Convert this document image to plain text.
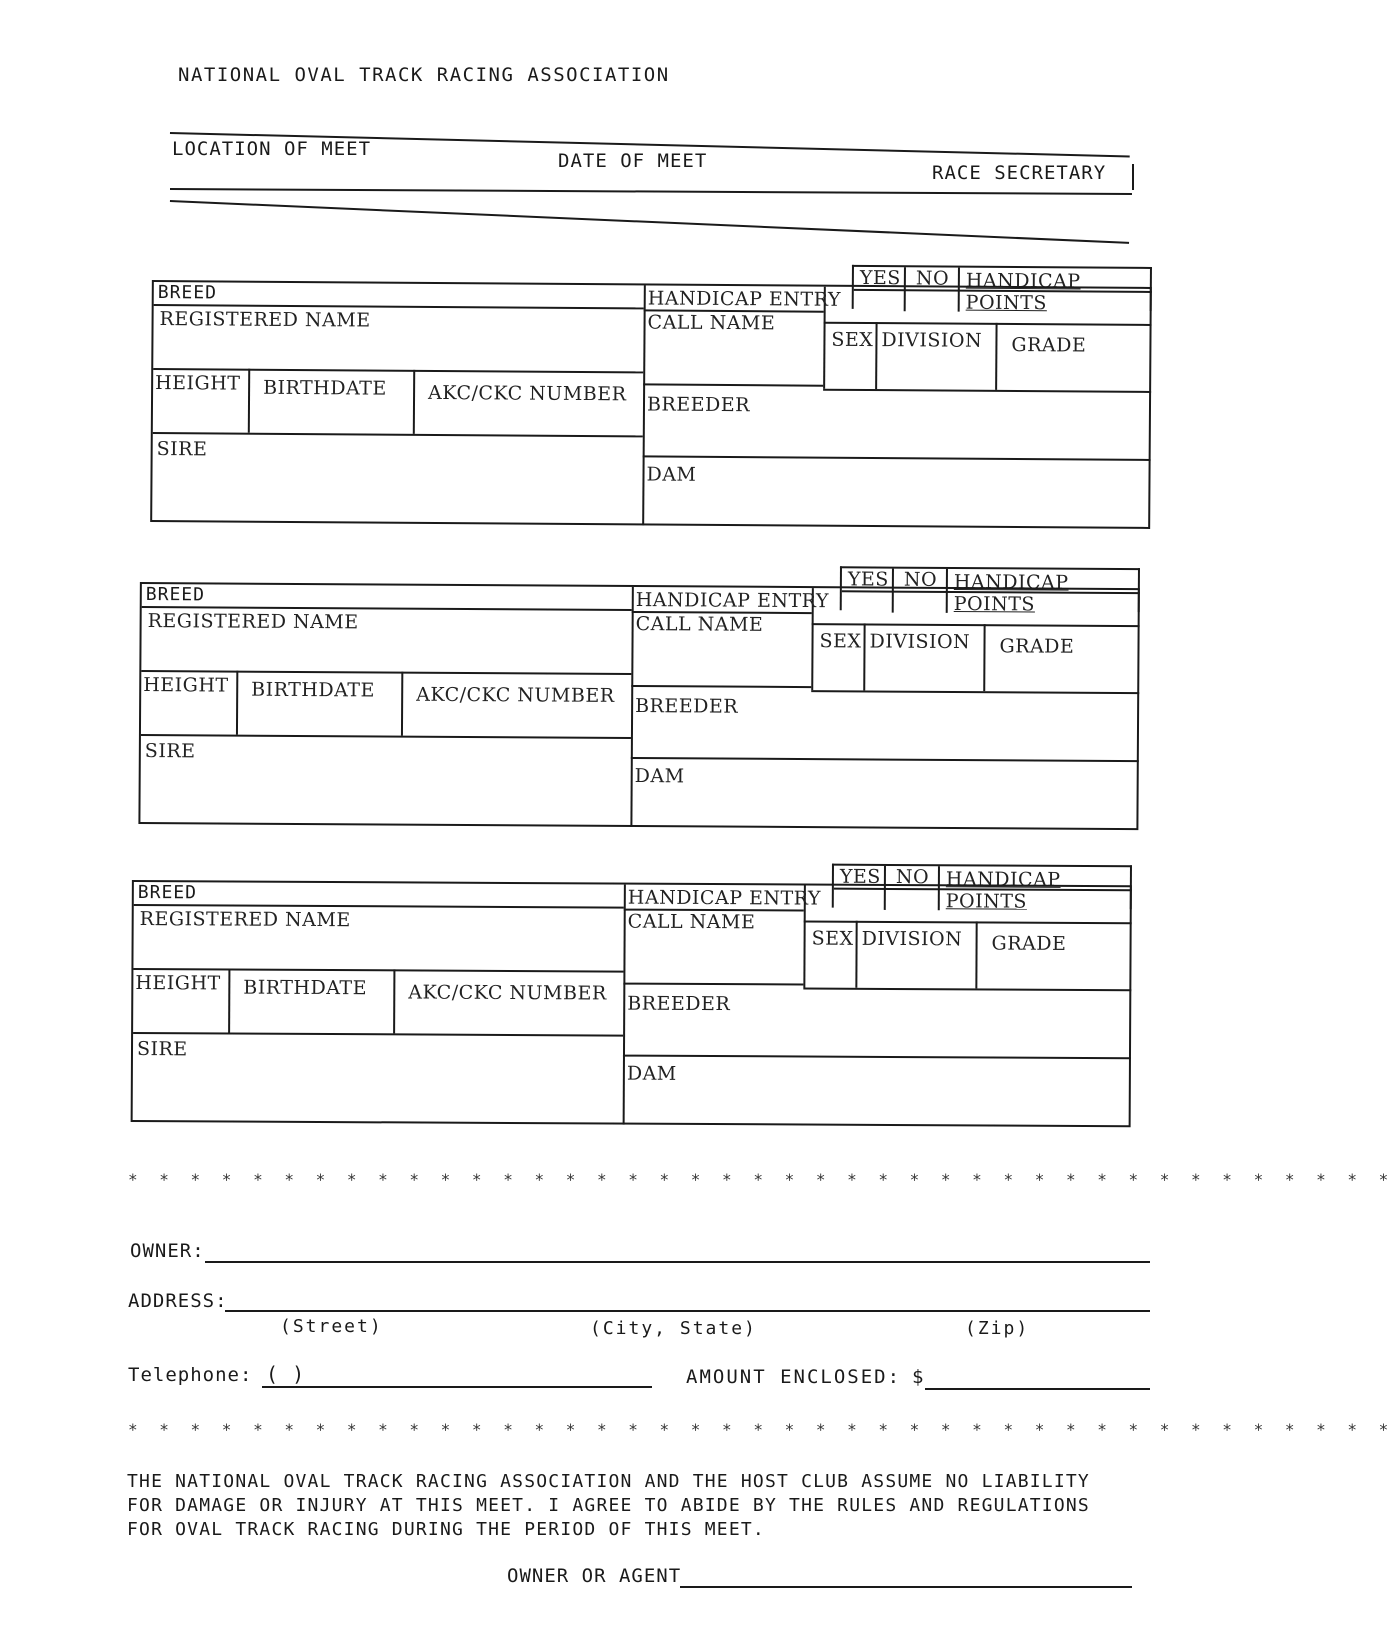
NATIONAL OVAL TRACK RACING ASSOCIATION
LOCATION OF MEET
DATE OF MEET
RACE SECRETARY
YES NO HANDICAP POINTS
BREED
REGISTERED NAME
HANDICAP ENTRY
CALL NAME
SEX DIVISION GRADE
HEIGHT BIRTHDATE AKC/CKC NUMBER BREEDER
SIRE
DAM
YES NO HANDICAP POINTS
BREED
REGISTERED NAME
HANDICAP ENTRY
CALL NAME
SEX DIVISION GRADE
HEIGHT BIRTHDATE AKC/CKC NUMBER BREEDER
SIRE
DAM
YES NO HANDICAP POINTS
BREED
REGISTERED NAME
HANDICAP ENTRY
CALL NAME
SEX DIVISION GRADE
HEIGHT BIRTHDATE AKC/CKC NUMBER BREEDER
SIRE
DAM
* * * * * * * * * * * * * * * * * * * * * * * * * * * * * * * * * * * * * * * * *
OWNER:
ADDRESS:
(Street)	(City, State)	(Zip)
Telephone: ( )	AMOUNT ENCLOSED: $
* * * * * * * * * * * * * * * * * * * * * * * * * * * * * * * * * * * * * * * * *
THE NATIONAL OVAL TRACK RACING ASSOCIATION AND THE HOST CLUB ASSUME NO LIABILITY FOR DAMAGE OR INJURY AT THIS MEET. I AGREE TO ABIDE BY THE RULES AND REGULATIONS FOR OVAL TRACK RACING DURING THE PERIOD OF THIS MEET.
OWNER OR AGENT
